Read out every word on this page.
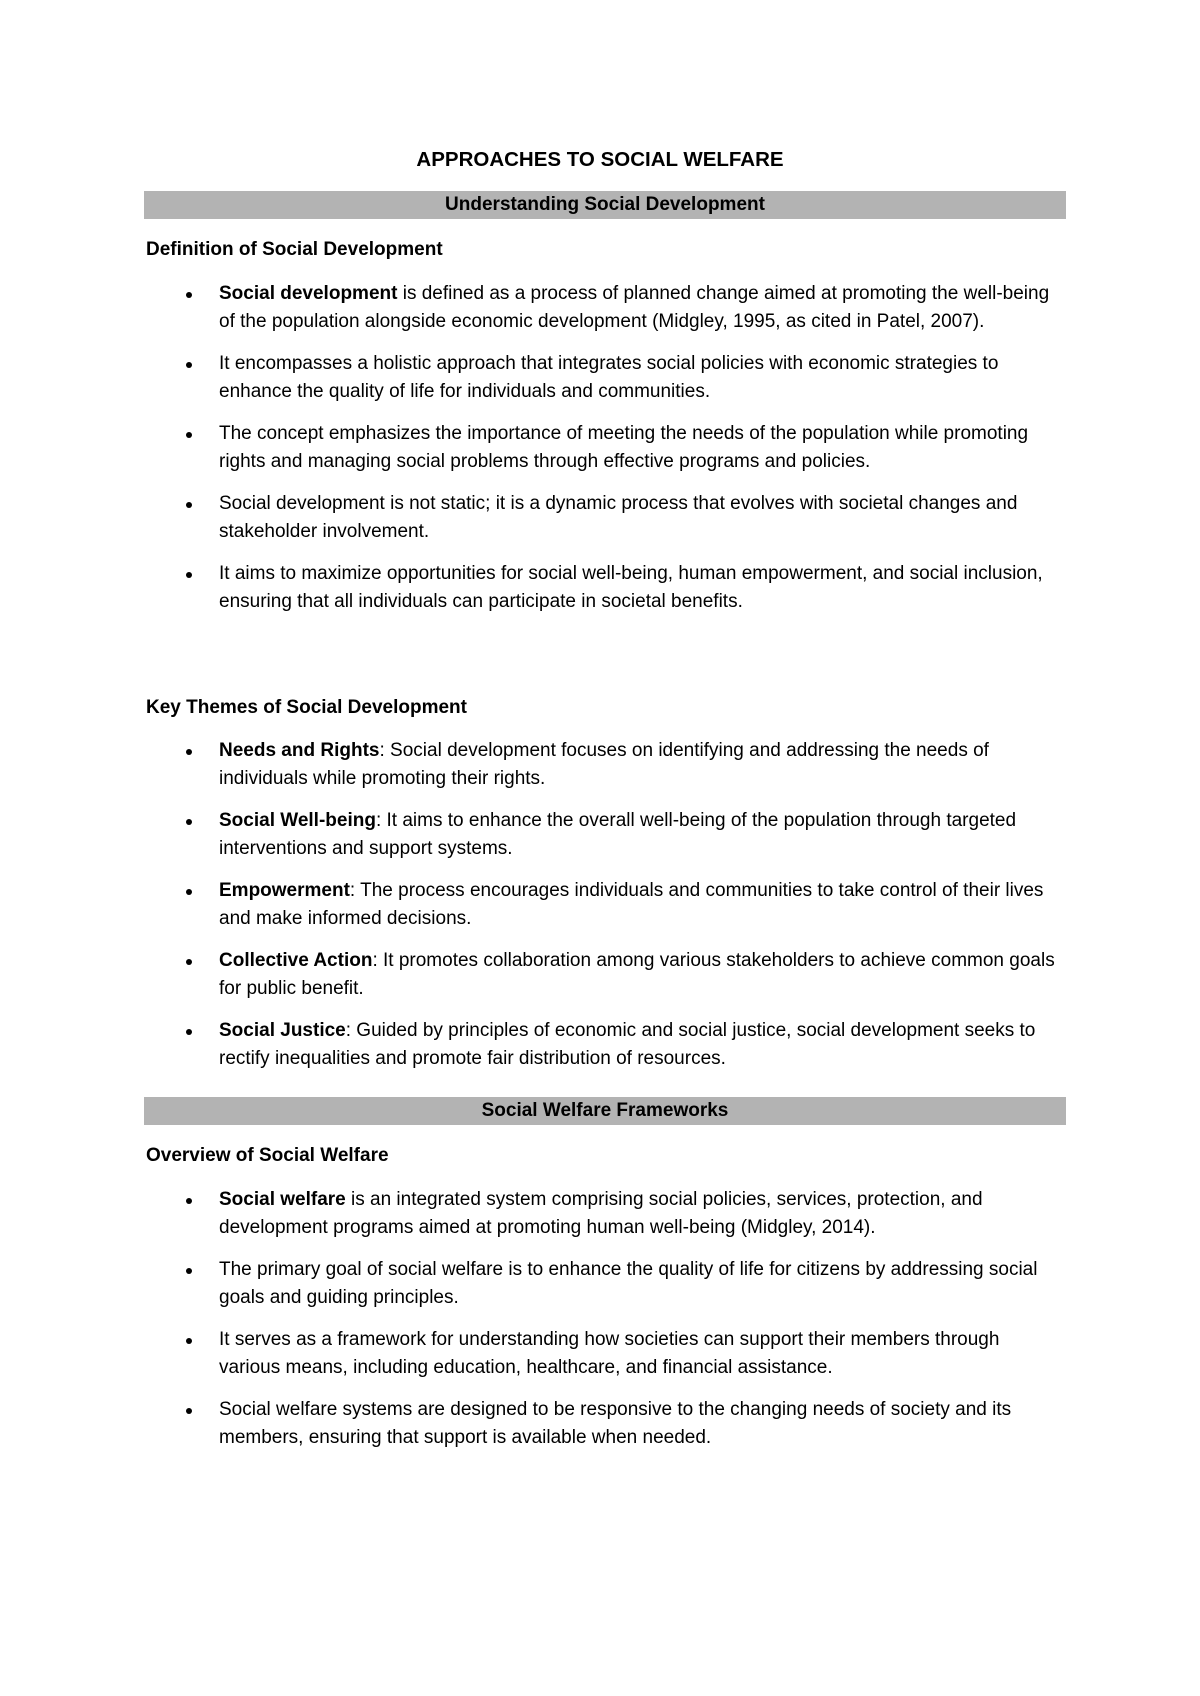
APPROACHES TO SOCIAL WELFARE
Understanding Social Development
Definition of Social Development
Social development is defined as a process of planned change aimed at promoting the well-being of the population alongside economic development (Midgley, 1995, as cited in Patel, 2007).
It encompasses a holistic approach that integrates social policies with economic strategies to enhance the quality of life for individuals and communities.
The concept emphasizes the importance of meeting the needs of the population while promoting rights and managing social problems through effective programs and policies.
Social development is not static; it is a dynamic process that evolves with societal changes and stakeholder involvement.
It aims to maximize opportunities for social well-being, human empowerment, and social inclusion, ensuring that all individuals can participate in societal benefits.
Key Themes of Social Development
Needs and Rights: Social development focuses on identifying and addressing the needs of individuals while promoting their rights.
Social Well-being: It aims to enhance the overall well-being of the population through targeted interventions and support systems.
Empowerment: The process encourages individuals and communities to take control of their lives and make informed decisions.
Collective Action: It promotes collaboration among various stakeholders to achieve common goals for public benefit.
Social Justice: Guided by principles of economic and social justice, social development seeks to rectify inequalities and promote fair distribution of resources.
Social Welfare Frameworks
Overview of Social Welfare
Social welfare is an integrated system comprising social policies, services, protection, and development programs aimed at promoting human well-being (Midgley, 2014).
The primary goal of social welfare is to enhance the quality of life for citizens by addressing social goals and guiding principles.
It serves as a framework for understanding how societies can support their members through various means, including education, healthcare, and financial assistance.
Social welfare systems are designed to be responsive to the changing needs of society and its members, ensuring that support is available when needed.
